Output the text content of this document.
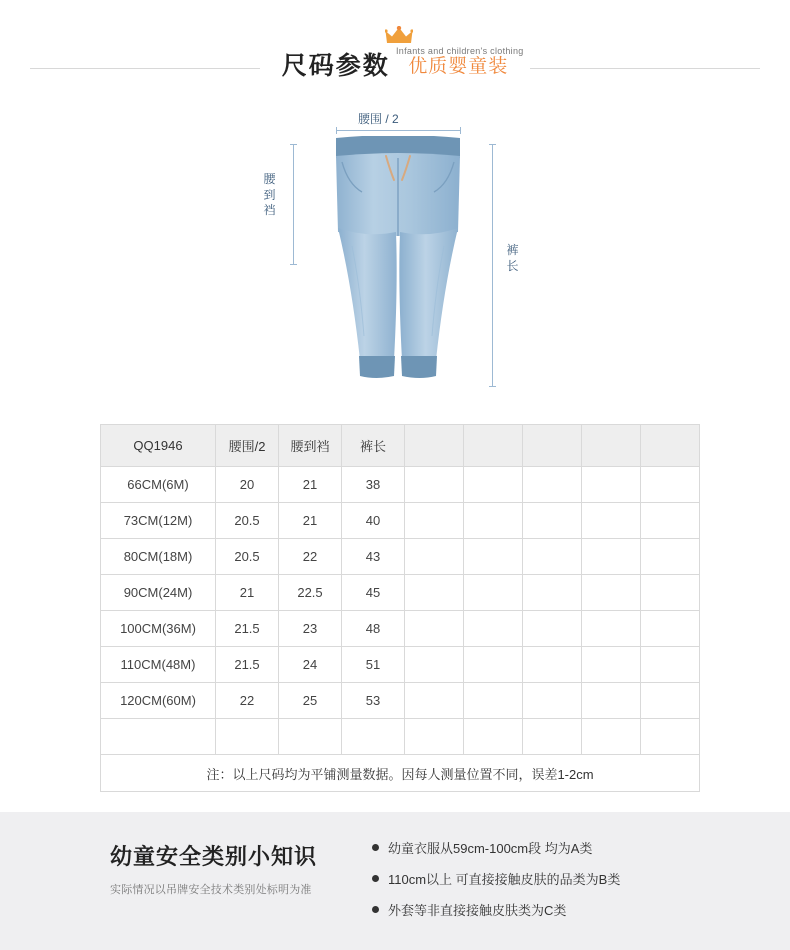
Infants and children's clothing
尺码参数 优质婴童装
腰围 / 2
腰到裆
裤长
QQ1946	腰围/2	腰到裆	裤长					
66CM(6M)	20	21	38					
73CM(12M)	20.5	21	40					
80CM(18M)	20.5	22	43					
90CM(24M)	21	22.5	45					
100CM(36M)	21.5	23	48					
110CM(48M)	21.5	24	51					
120CM(60M)	22	25	53					

注：以上尺码均为平铺测量数据。因每人测量位置不同，误差1-2cm								
幼童安全类别小知识
实际情况以吊牌安全技术类别处标明为准
幼童衣服从59cm-100cm段 均为A类
110cm以上 可直接接触皮肤的品类为B类
外套等非直接接触皮肤类为C类
